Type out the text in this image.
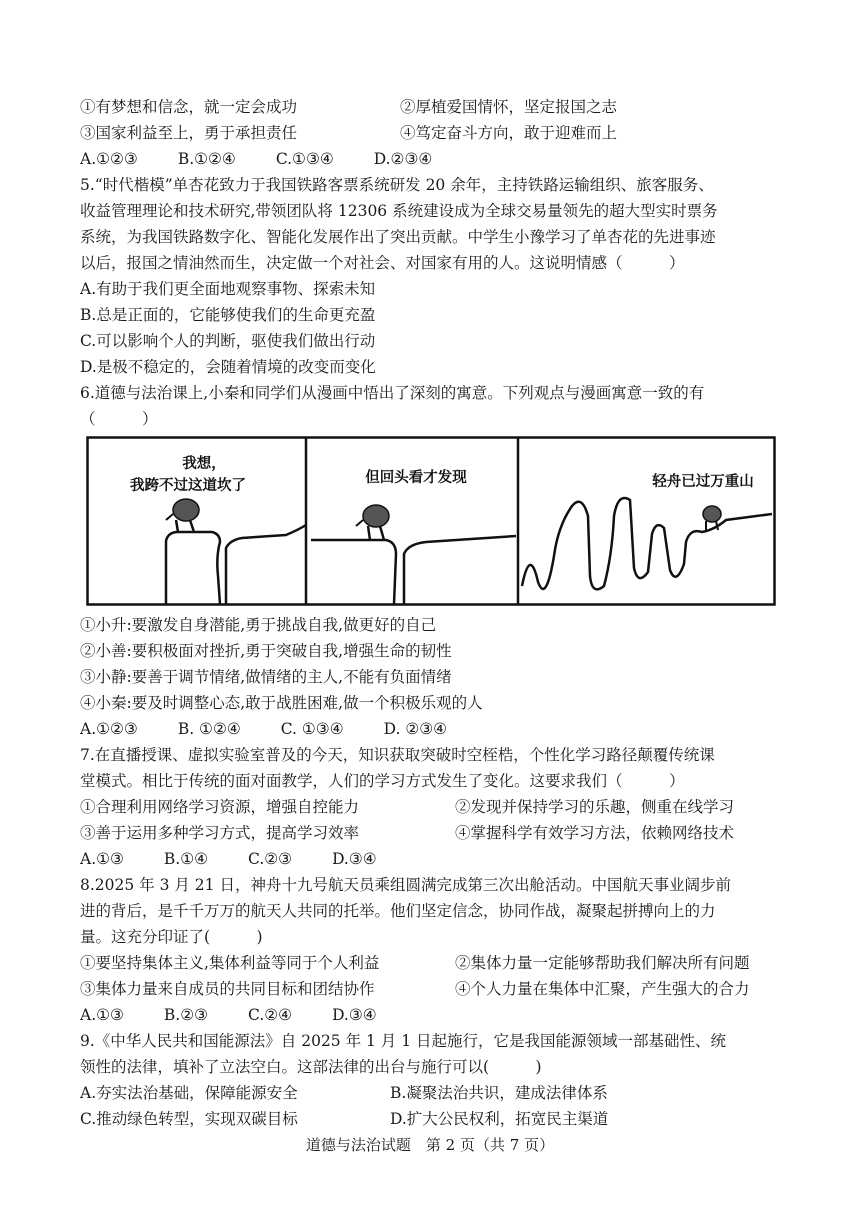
①有梦想和信念，就一定会成功	②厚植爱国情怀，坚定报国之志
③国家利益至上，勇于承担责任	④笃定奋斗方向，敢于迎难而上
A.①②③	B.①②④	C.①③④	D.②③④
5.“时代楷模”单杏花致力于我国铁路客票系统研发 20 余年，主持铁路运输组织、旅客服务、
收益管理理论和技术研究,带领团队将 12306 系统建设成为全球交易量领先的超大型实时票务
系统，为我国铁路数字化、智能化发展作出了突出贡献。中学生小豫学习了单杏花的先进事迹
以后，报国之情油然而生，决定做一个对社会、对国家有用的人。这说明情感（　　　）
A.有助于我们更全面地观察事物、探索未知
B.总是正面的，它能够使我们的生命更充盈
C.可以影响个人的判断，驱使我们做出行动
D.是极不稳定的，会随着情境的改变而变化
6.道德与法治课上,小秦和同学们从漫画中悟出了深刻的寓意。下列观点与漫画寓意一致的有
（　　　）
我想，
我跨不过这道坎了	但回头看才发现	轻舟已过万重山
①小升:要激发自身潜能,勇于挑战自我,做更好的自己
②小善:要积极面对挫折,勇于突破自我,增强生命的韧性
③小静:要善于调节情绪,做情绪的主人,不能有负面情绪
④小秦:要及时调整心态,敢于战胜困难,做一个积极乐观的人
A.①②③	B. ①②④	C. ①③④	D. ②③④
7.在直播授课、虚拟实验室普及的今天，知识获取突破时空桎梏，个性化学习路径颠覆传统课
堂模式。相比于传统的面对面教学，人们的学习方式发生了变化。这要求我们（　　　）
①合理利用网络学习资源，增强自控能力	②发现并保持学习的乐趣，侧重在线学习
③善于运用多种学习方式，提高学习效率	④掌握科学有效学习方法，依赖网络技术
A.①③	B.①④	C.②③	D.③④
8.2025 年 3 月 21 日，神舟十九号航天员乘组圆满完成第三次出舱活动。中国航天事业阔步前
进的背后，是千千万万的航天人共同的托举。他们坚定信念，协同作战，凝聚起拼搏向上的力
量。这充分印证了(　　　)
①要坚持集体主义,集体利益等同于个人利益	②集体力量一定能够帮助我们解决所有问题
③集体力量来自成员的共同目标和团结协作	④个人力量在集体中汇聚，产生强大的合力
A.①③	B.②③	C.②④	D.③④
9.《中华人民共和国能源法》自 2025 年 1 月 1 日起施行，它是我国能源领域一部基础性、统
领性的法律，填补了立法空白。这部法律的出台与施行可以(　　　)
A.夯实法治基础，保障能源安全	B.凝聚法治共识，建成法律体系
C.推动绿色转型，实现双碳目标	D.扩大公民权利，拓宽民主渠道
道德与法治试题　第 2 页（共 7 页）
